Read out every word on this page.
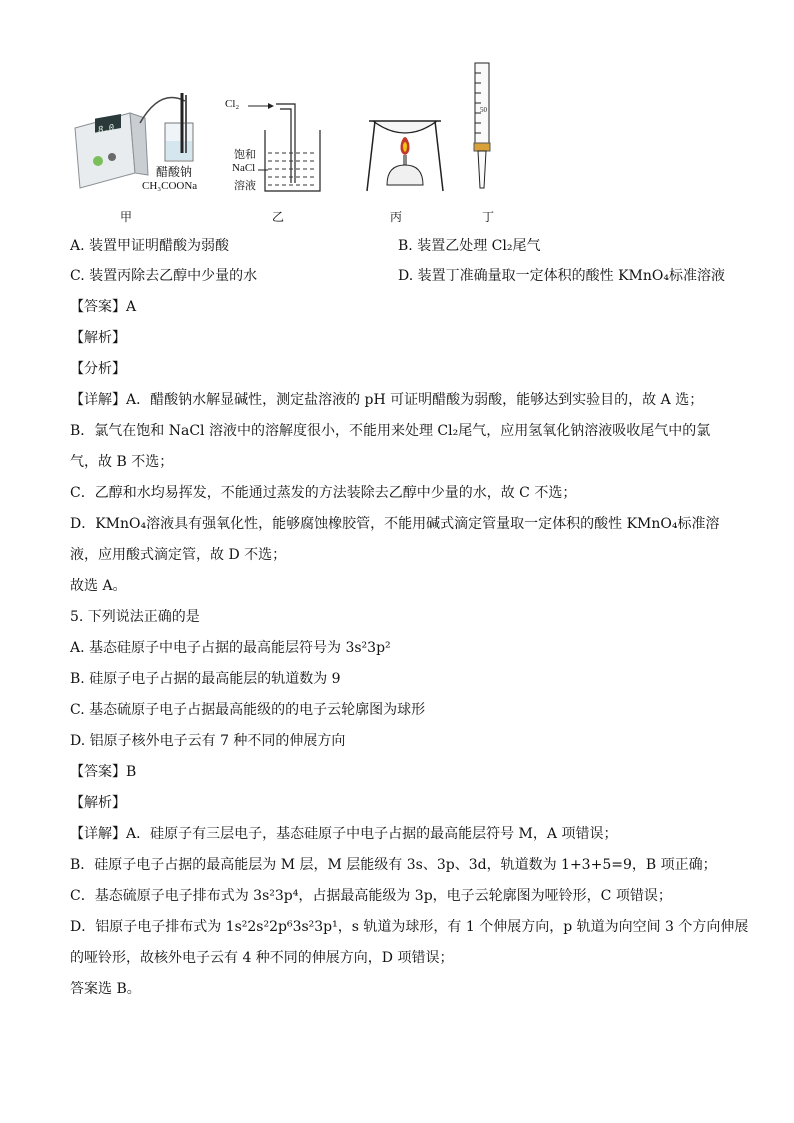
8.0
醋酸钠
CH₃COONa
Cl₂
饱和
NaCl
溶液
50
甲	乙	丙	丁
A. 装置甲证明醋酸为弱酸	B. 装置乙处理 Cl₂尾气
C. 装置丙除去乙醇中少量的水	D. 装置丁准确量取一定体积的酸性 KMnO₄标准溶液
【答案】A
【解析】
【分析】
【详解】A．醋酸钠水解显碱性，测定盐溶液的 pH 可证明醋酸为弱酸，能够达到实验目的，故 A 选；
B．氯气在饱和 NaCl 溶液中的溶解度很小，不能用来处理 Cl₂尾气，应用氢氧化钠溶液吸收尾气中的氯
气，故 B 不选；
C．乙醇和水均易挥发，不能通过蒸发的方法装除去乙醇中少量的水，故 C 不选；
D．KMnO₄溶液具有强氧化性，能够腐蚀橡胶管，不能用碱式滴定管量取一定体积的酸性 KMnO₄标准溶
液，应用酸式滴定管，故 D 不选；
故选 A。
5. 下列说法正确的是
A. 基态硅原子中电子占据的最高能层符号为 3s²3p²
B. 硅原子电子占据的最高能层的轨道数为 9
C. 基态硫原子电子占据最高能级的的电子云轮廓图为球形
D. 铝原子核外电子云有 7 种不同的伸展方向
【答案】B
【解析】
【详解】A．硅原子有三层电子，基态硅原子中电子占据的最高能层符号 M，A 项错误；
B．硅原子电子占据的最高能层为 M 层，M 层能级有 3s、3p、3d，轨道数为 1+3+5=9，B 项正确；
C．基态硫原子电子排布式为 3s²3p⁴，占据最高能级为 3p，电子云轮廓图为哑铃形，C 项错误；
D．铝原子电子排布式为 1s²2s²2p⁶3s²3p¹，s 轨道为球形，有 1 个伸展方向，p 轨道为向空间 3 个方向伸展
的哑铃形，故核外电子云有 4 种不同的伸展方向，D 项错误；
答案选 B。
